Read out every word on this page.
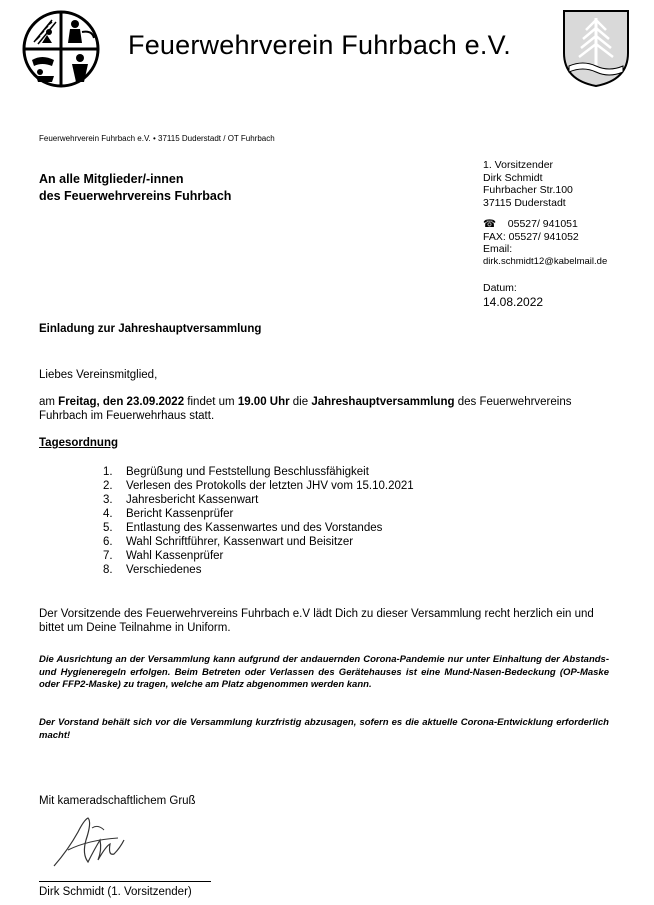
Feuerwehrverein Fuhrbach e.V.
Feuerwehrverein Fuhrbach e.V. • 37115 Duderstadt / OT Fuhrbach
An alle Mitglieder/-innen
des Feuerwehrvereins Fuhrbach
1. Vorsitzender
Dirk Schmidt
Fuhrbacher Str.100
37115 Duderstadt
☎ 05527/ 941051
FAX: 05527/ 941052
Email:
dirk.schmidt12@kabelmail.de
Datum:
14.08.2022
Einladung zur Jahreshauptversammlung
Liebes Vereinsmitglied,
am Freitag, den 23.09.2022 findet um 19.00 Uhr die Jahreshauptversammlung des Feuerwehrvereins Fuhrbach im Feuerwehrhaus statt.
Tagesordnung
1.	Begrüßung und Feststellung Beschlussfähigkeit
2.	Verlesen des Protokolls der letzten JHV vom 15.10.2021
3.	Jahresbericht Kassenwart
4.	Bericht Kassenprüfer
5.	Entlastung des Kassenwartes und des Vorstandes
6.	Wahl Schriftführer, Kassenwart und Beisitzer
7.	Wahl Kassenprüfer
8.	Verschiedenes
Der Vorsitzende des Feuerwehrvereins Fuhrbach e.V lädt Dich zu dieser Versammlung recht herzlich ein und bittet um Deine Teilnahme in Uniform.
Die Ausrichtung an der Versammlung kann aufgrund der andauernden Corona-Pandemie nur unter Einhaltung der Abstands- und Hygieneregeln erfolgen. Beim Betreten oder Verlassen des Gerätehauses ist eine Mund-Nasen-Bedeckung (OP-Maske oder FFP2-Maske) zu tragen, welche am Platz abgenommen werden kann.
Der Vorstand behält sich vor die Versammlung kurzfristig abzusagen, sofern es die aktuelle Corona-Entwicklung erforderlich macht!
Mit kameradschaftlichem Gruß
Dirk Schmidt (1. Vorsitzender)
